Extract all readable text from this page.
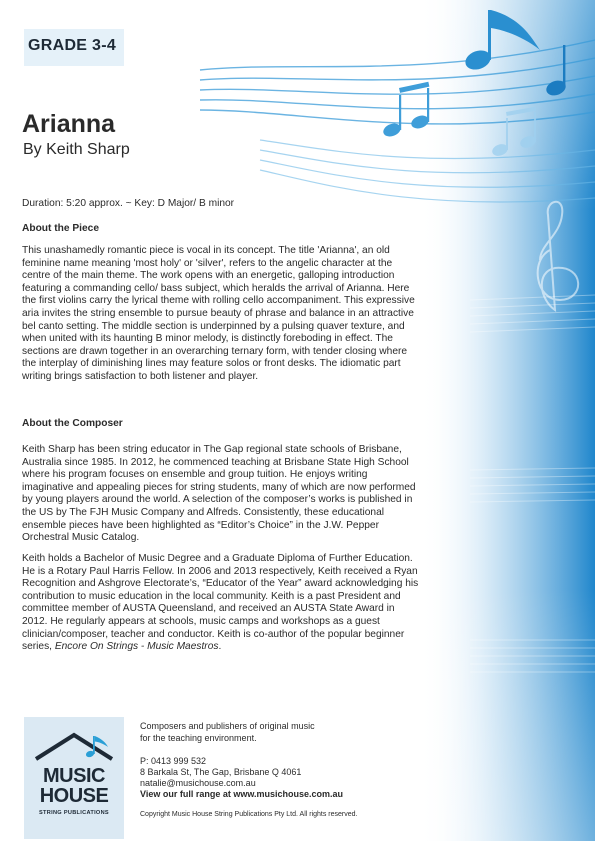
GRADE 3-4
Arianna
By Keith Sharp
Duration: 5:20 approx. ~ Key: D Major/ B minor
About the Piece
This unashamedly romantic piece is vocal in its concept. The title 'Arianna', an old feminine name meaning 'most holy' or 'silver', refers to the angelic character at the centre of the main theme. The work opens with an energetic, galloping introduction featuring a commanding cello/ bass subject, which heralds the arrival of Arianna. Here the first violins carry the lyrical theme with rolling cello accompaniment. This expressive aria invites the string ensemble to pursue beauty of phrase and balance in an attractive bel canto setting. The middle section is underpinned by a pulsing quaver texture, and when united with its haunting B minor melody, is distinctly foreboding in effect. The sections are drawn together in an overarching ternary form, with tender closing where the interplay of diminishing lines may feature solos or front desks. The idiomatic part writing brings satisfaction to both listener and player.
About the Composer
Keith Sharp has been string educator in The Gap regional state schools of Brisbane, Australia since 1985. In 2012, he commenced teaching at Brisbane State High School where his program focuses on ensemble and group tuition. He enjoys writing imaginative and appealing pieces for string students, many of which are now performed by young players around the world. A selection of the composer’s works is published in the US by The FJH Music Company and Alfreds. Consistently, these educational ensemble pieces have been highlighted as “Editor’s Choice” in the J.W. Pepper Orchestral Music Catalog.
Keith holds a Bachelor of Music Degree and a Graduate Diploma of Further Education. He is a Rotary Paul Harris Fellow. In 2006 and 2013 respectively, Keith received a Ryan Recognition and Ashgrove Electorate’s, “Educator of the Year” award acknowledging his contribution to music education in the local community. Keith is a past President and committee member of AUSTA Queensland, and received an AUSTA State Award in 2012. He regularly appears at schools, music camps and workshops as a guest clinician/composer, teacher and conductor. Keith is co-author of the popular beginner series, Encore On Strings - Music Maestros.
MUSIC
HOUSE
STRING PUBLICATIONS
Composers and publishers of original music
for the teaching environment.
P: 0413 999 532
8 Barkala St, The Gap, Brisbane Q 4061
natalie@musichouse.com.au
View our full range at www.musichouse.com.au
Copyright Music House String Publications Pty Ltd. All rights reserved.
